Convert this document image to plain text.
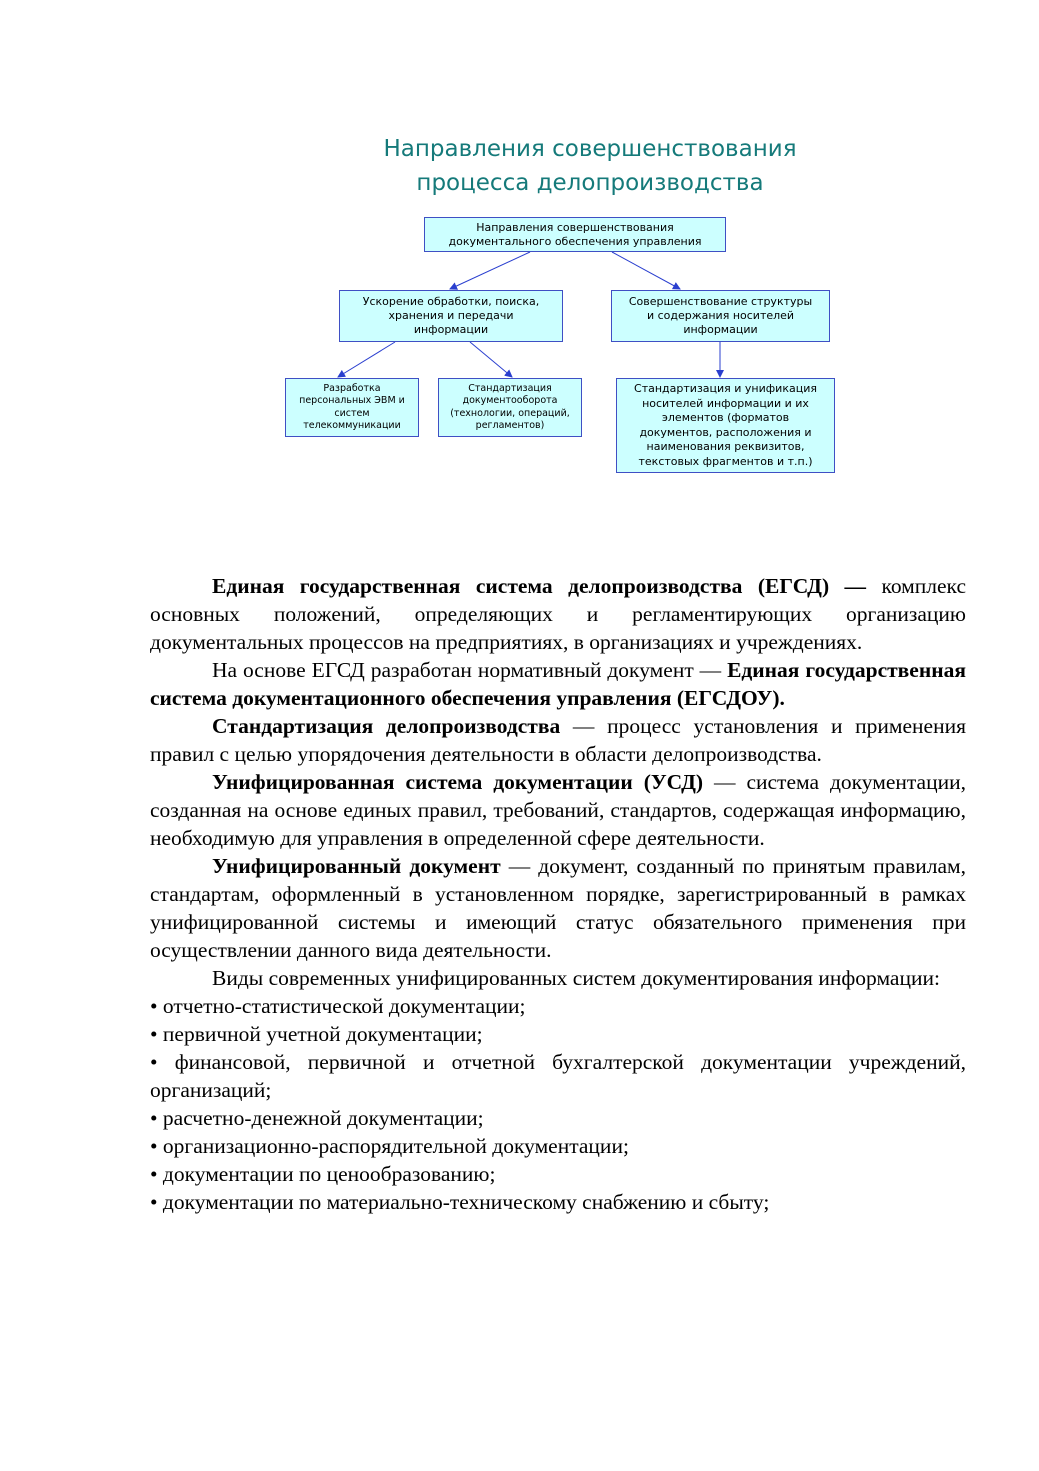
Направления совершенствования
процесса делопроизводства
Направления совершенствования
документального обеспечения управления
Ускорение обработки, поиска,
хранения и передачи
информации
Совершенствование структуры
и содержания носителей
информации
Разработка
персональных ЭВМ и
систем
телекоммуникации
Стандартизация
документооборота
(технологии, операций,
регламентов)
Стандартизация и унификация
носителей информации и их
элементов (форматов
документов, расположения и
наименования реквизитов,
текстовых фрагментов и т.п.)

Единая государственная система делопроизводства (ЕГСД) — комплекс основных положений, определяющих и регламентирующих организацию документальных процессов на предприятиях, в организациях и учреждениях.

На основе ЕГСД разработан нормативный документ — Единая государственная система документационного обеспечения управления (ЕГСДОУ).

Стандартизация делопроизводства — процесс установления и применения правил с целью упорядочения деятельности в области делопроизводства.

Унифицированная система документации (УСД) — система документации, созданная на основе единых правил, требований, стандартов, содержащая информацию, необходимую для управления в определенной сфере деятельности.

Унифицированный документ — документ, созданный по принятым правилам, стандартам, оформленный в установленном порядке, зарегистрированный в рамках унифицированной системы и имеющий статус обязательного применения при осуществлении данного вида деятельности.

Виды современных унифицированных систем документирования информации:

• отчетно-статистической документации;

• первичной учетной документации;

• финансовой, первичной и отчетной бухгалтерской документации учреждений, организаций;

• расчетно-денежной документации;

• организационно-распорядительной документации;

• документации по ценообразованию;

• документации по материально-техническому снабжению и сбыту;
